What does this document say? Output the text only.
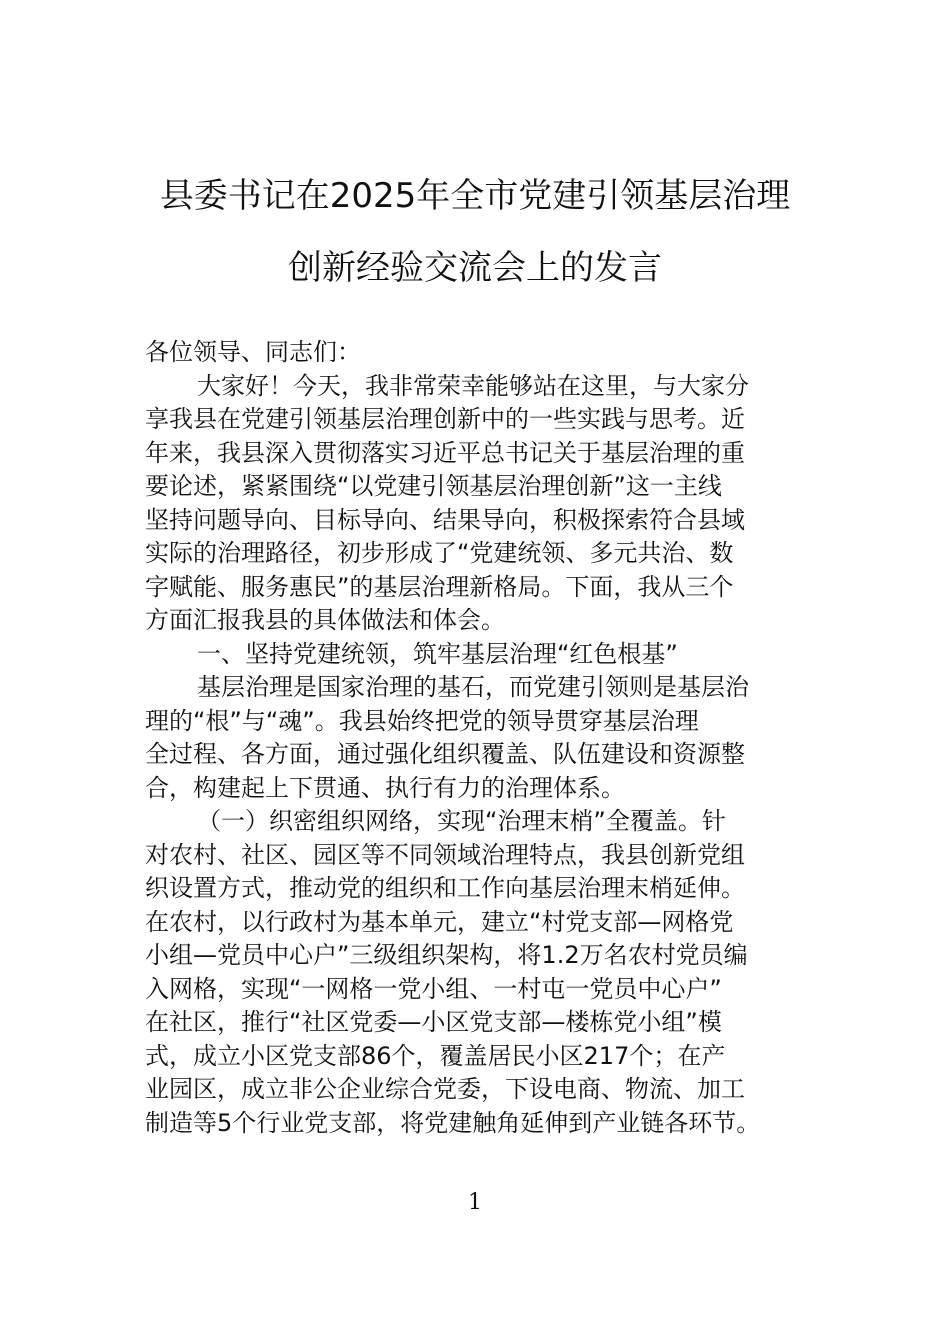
县委书记在2025年全市党建引领基层治理
创新经验交流会上的发言
各位领导、同志们：
大家好！今天，我非常荣幸能够站在这里，与大家分
享我县在党建引领基层治理创新中的一些实践与思考。近
年来，我县深入贯彻落实习近平总书记关于基层治理的重
要论述，紧紧围绕“以党建引领基层治理创新”这一主线
坚持问题导向、目标导向、结果导向，积极探索符合县域
实际的治理路径，初步形成了“党建统领、多元共治、数
字赋能、服务惠民”的基层治理新格局。下面，我从三个
方面汇报我县的具体做法和体会。
一、坚持党建统领，筑牢基层治理“红色根基”
基层治理是国家治理的基石，而党建引领则是基层治
理的“根”与“魂”。我县始终把党的领导贯穿基层治理
全过程、各方面，通过强化组织覆盖、队伍建设和资源整
合，构建起上下贯通、执行有力的治理体系。
（一）织密组织网络，实现“治理末梢”全覆盖。针
对农村、社区、园区等不同领域治理特点，我县创新党组
织设置方式，推动党的组织和工作向基层治理末梢延伸。
在农村，以行政村为基本单元，建立“村党支部—网格党
小组—党员中心户”三级组织架构，将1.2万名农村党员编
入网格，实现“一网格一党小组、一村屯一党员中心户”
在社区，推行“社区党委—小区党支部—楼栋党小组”模
式，成立小区党支部86个，覆盖居民小区217个；在产
业园区，成立非公企业综合党委，下设电商、物流、加工
制造等5个行业党支部，将党建触角延伸到产业链各环节。
1
